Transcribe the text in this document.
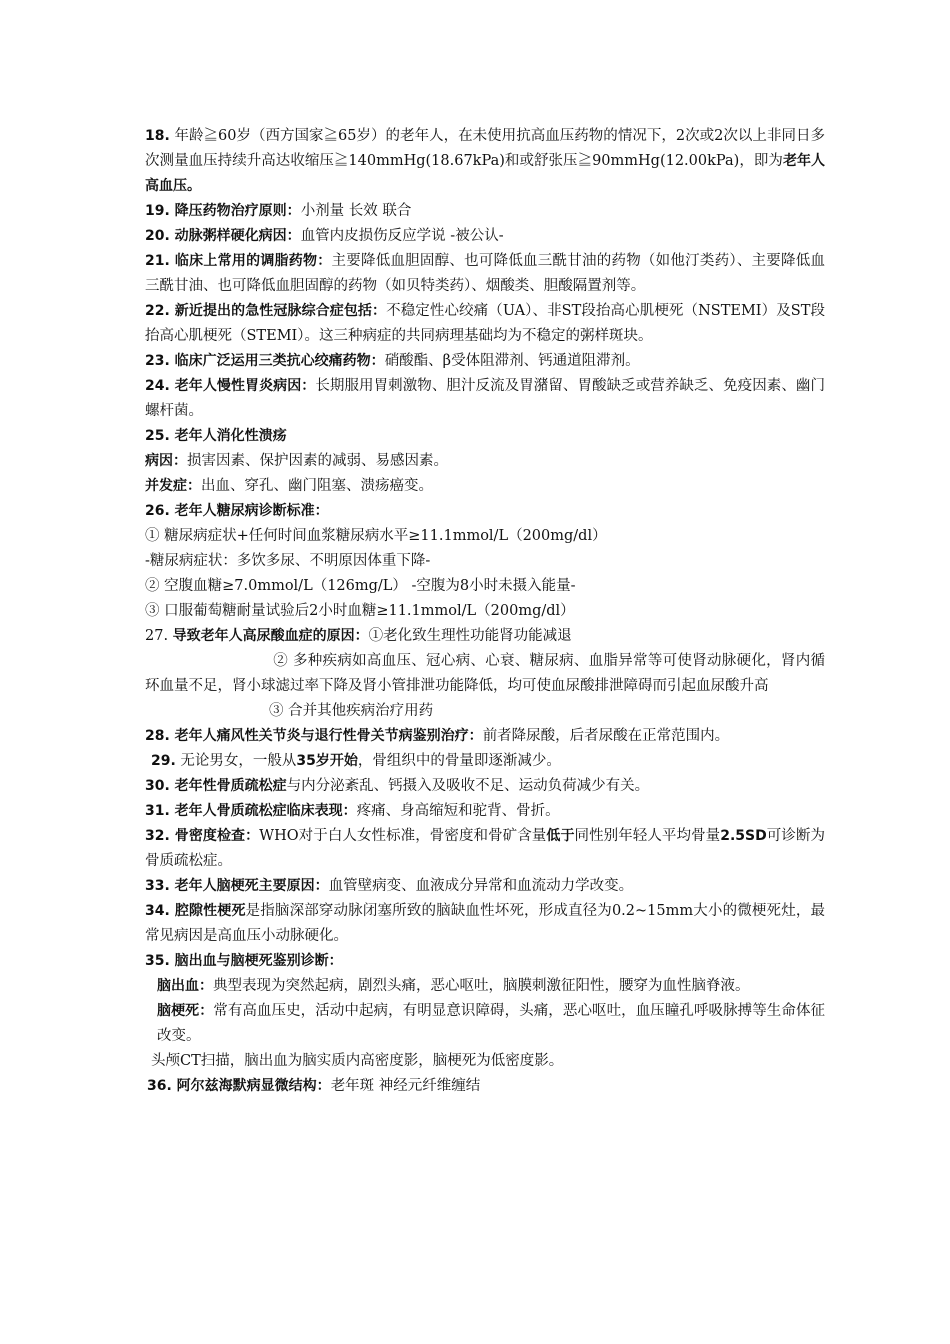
18. 年龄≧60岁（西方国家≧65岁）的老年人，在未使用抗高血压药物的情况下，2次或2次以上非同日多次测量血压持续升高达收缩压≧140mmHg(18.67kPa)和或舒张压≧90mmHg(12.00kPa)，即为老年人高血压。

19. 降压药物治疗原则：小剂量 长效 联合

20. 动脉粥样硬化病因：血管内皮损伤反应学说 -被公认-

21. 临床上常用的调脂药物：主要降低血胆固醇、也可降低血三酰甘油的药物（如他汀类药）、主要降低血三酰甘油、也可降低血胆固醇的药物（如贝特类药）、烟酸类、胆酸隔置剂等。

22. 新近提出的急性冠脉综合症包括：不稳定性心绞痛（UA）、非ST段抬高心肌梗死（NSTEMI）及ST段抬高心肌梗死（STEMI）。这三种病症的共同病理基础均为不稳定的粥样斑块。

23. 临床广泛运用三类抗心绞痛药物：硝酸酯、β受体阻滞剂、钙通道阻滞剂。

24. 老年人慢性胃炎病因：长期服用胃刺激物、胆汁反流及胃潴留、胃酸缺乏或营养缺乏、免疫因素、幽门螺杆菌。

25. 老年人消化性溃疡

病因：损害因素、保护因素的减弱、易感因素。

并发症：出血、穿孔、幽门阻塞、溃疡癌变。

26. 老年人糖尿病诊断标准：

① 糖尿病症状+任何时间血浆糖尿病水平≥11.1mmol/L（200mg/dl）

-糖尿病症状：多饮多尿、不明原因体重下降-

② 空腹血糖≥7.0mmol/L（126mg/L） -空腹为8小时未摄入能量-

③ 口服葡萄糖耐量试验后2小时血糖≥11.1mmol/L（200mg/dl）

27. 导致老年人高尿酸血症的原因：①老化致生理性功能肾功能减退

② 多种疾病如高血压、冠心病、心衰、糖尿病、血脂异常等可使肾动脉硬化，肾内循环血量不足，肾小球滤过率下降及肾小管排泄功能降低，均可使血尿酸排泄障碍而引起血尿酸升高

③ 合并其他疾病治疗用药

28. 老年人痛风性关节炎与退行性骨关节病鉴别治疗：前者降尿酸，后者尿酸在正常范围内。

29. 无论男女，一般从35岁开始，骨组织中的骨量即逐渐减少。

30. 老年性骨质疏松症与内分泌紊乱、钙摄入及吸收不足、运动负荷减少有关。

31. 老年人骨质疏松症临床表现：疼痛、身高缩短和驼背、骨折。

32. 骨密度检查：WHO对于白人女性标准，骨密度和骨矿含量低于同性别年轻人平均骨量2.5SD可诊断为骨质疏松症。

33. 老年人脑梗死主要原因：血管壁病变、血液成分异常和血流动力学改变。

34. 腔隙性梗死是指脑深部穿动脉闭塞所致的脑缺血性坏死，形成直径为0.2~15mm大小的微梗死灶，最常见病因是高血压小动脉硬化。

35. 脑出血与脑梗死鉴别诊断：

脑出血：典型表现为突然起病，剧烈头痛，恶心呕吐，脑膜刺激征阳性，腰穿为血性脑脊液。

脑梗死：常有高血压史，活动中起病，有明显意识障碍，头痛，恶心呕吐，血压瞳孔呼吸脉搏等生命体征改变。

头颅CT扫描，脑出血为脑实质内高密度影，脑梗死为低密度影。

36. 阿尔兹海默病显微结构：老年斑 神经元纤维缠结
